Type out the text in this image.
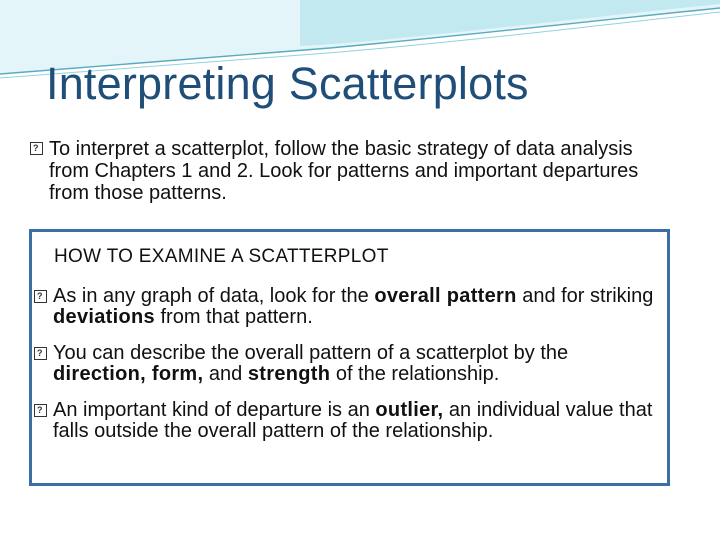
Interpreting Scatterplots
?
To interpret a scatterplot, follow the basic strategy of data analysis from Chapters 1 and 2. Look for patterns and important departures from those patterns.
HOW TO EXAMINE A SCATTERPLOT
?
As in any graph of data, look for the overall pattern and for striking deviations from that pattern.
?
You can describe the overall pattern of a scatterplot by the direction, form, and strength of the relationship.
?
An important kind of departure is an outlier, an individual value that falls outside the overall pattern of the relationship.
